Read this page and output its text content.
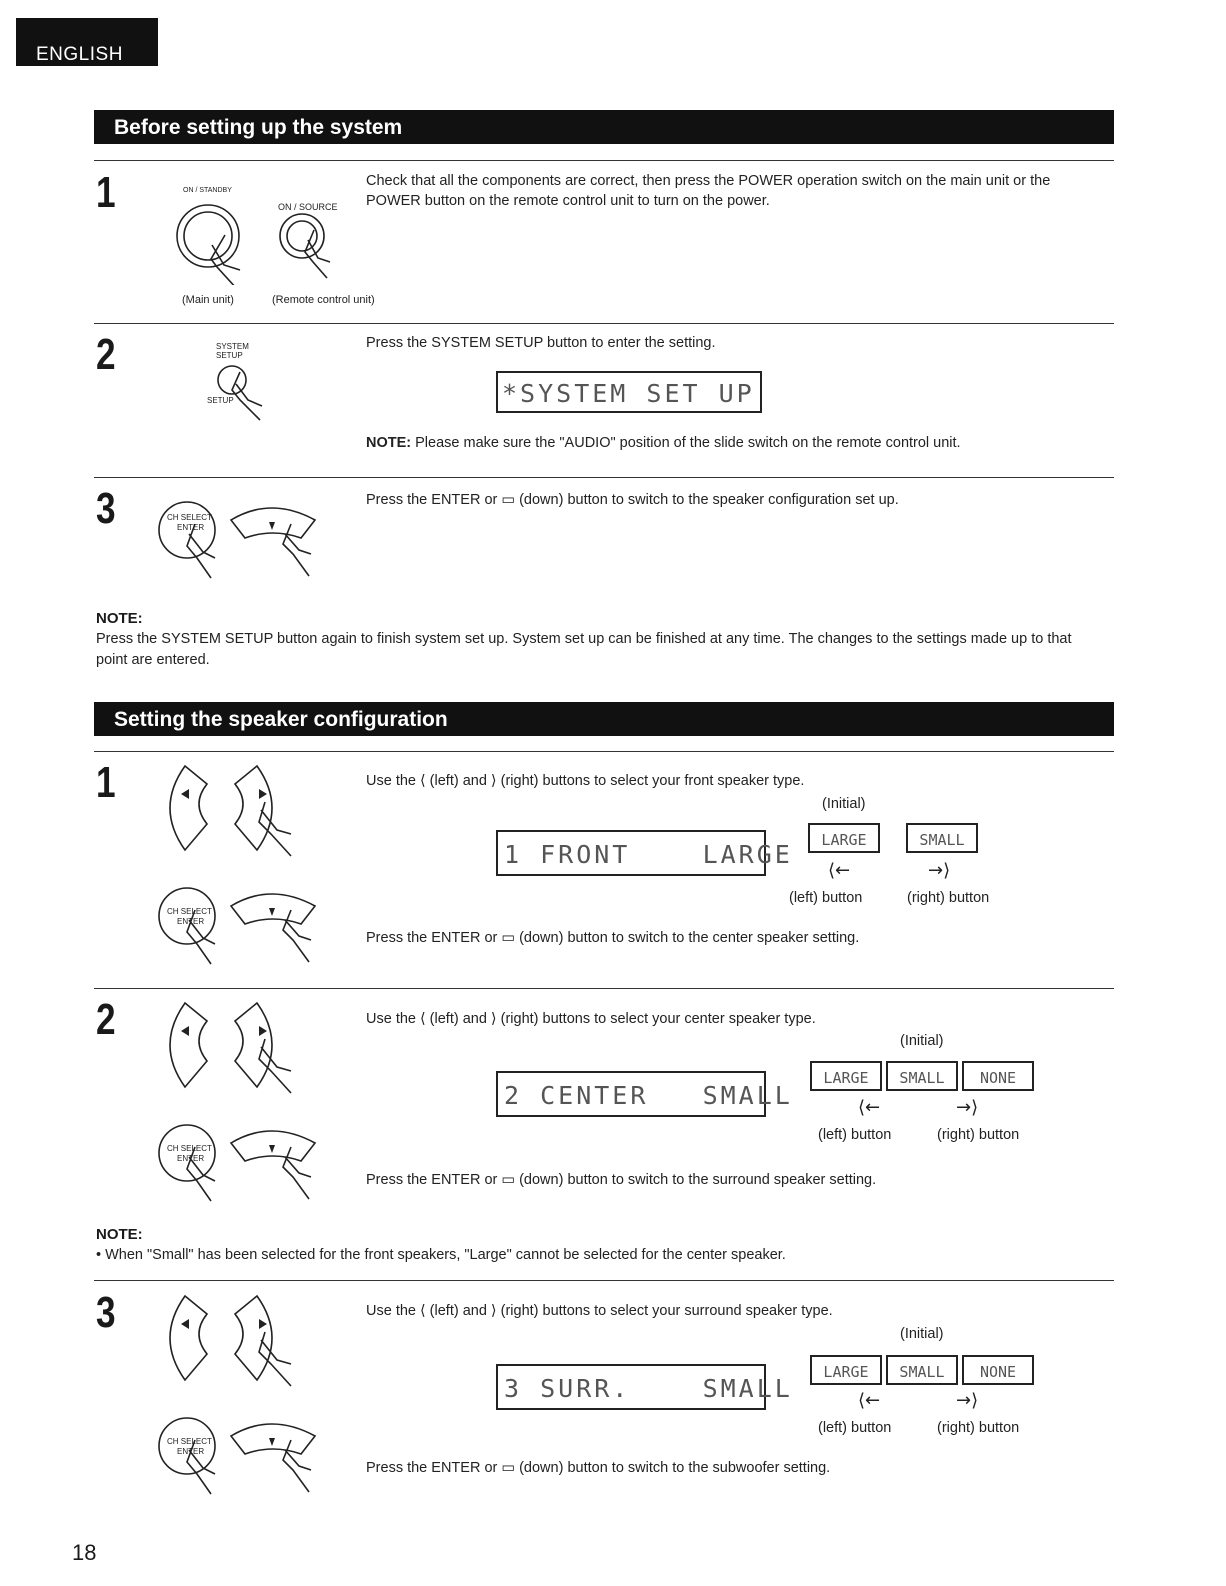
ENGLISH
Before setting up the system
1	ON / STANDBY
ON / SOURCE
Check that all the components are correct, then press the POWER operation switch on the main unit or the POWER button on the remote control unit to turn on the power.
(Main unit)	(Remote control unit)
2	SYSTEM SETUP
SETUP
Press the SYSTEM SETUP button to enter the setting.
*SYSTEM SET UP
NOTE: Please make sure the "AUDIO" position of the slide switch on the remote control unit.
3	CH SELECT
ENTER
Press the ENTER or ▭ (down) button to switch to the speaker configuration set up.
NOTE:
Press the SYSTEM SETUP button again to finish system set up. System set up can be finished at any time. The changes to the settings made up to that point are entered.
Setting the speaker configuration
1
CH SELECT
ENTER
Use the ⟨ (left) and ⟩ (right) buttons to select your front speaker type.
(Initial)
1 FRONT    LARGE	LARGE	SMALL
⟨←	→⟩
(left) button	(right) button
Press the ENTER or ▭ (down) button to switch to the center speaker setting.
2
CH SELECT
ENTER
Use the ⟨ (left) and ⟩ (right) buttons to select your center speaker type.
(Initial)
2 CENTER   SMALL
LARGE	SMALL	NONE
⟨←	→⟩
(left) button	(right) button
Press the ENTER or ▭ (down) button to switch to the surround speaker setting.
NOTE:
• When "Small" has been selected for the front speakers, "Large" cannot be selected for the center speaker.
3
CH SELECT
ENTER
Use the ⟨ (left) and ⟩ (right) buttons to select your surround speaker type.
(Initial)
3 SURR.    SMALL
LARGE	SMALL	NONE
⟨←	→⟩
(left) button	(right) button
Press the ENTER or ▭ (down) button to switch to the subwoofer setting.
18
